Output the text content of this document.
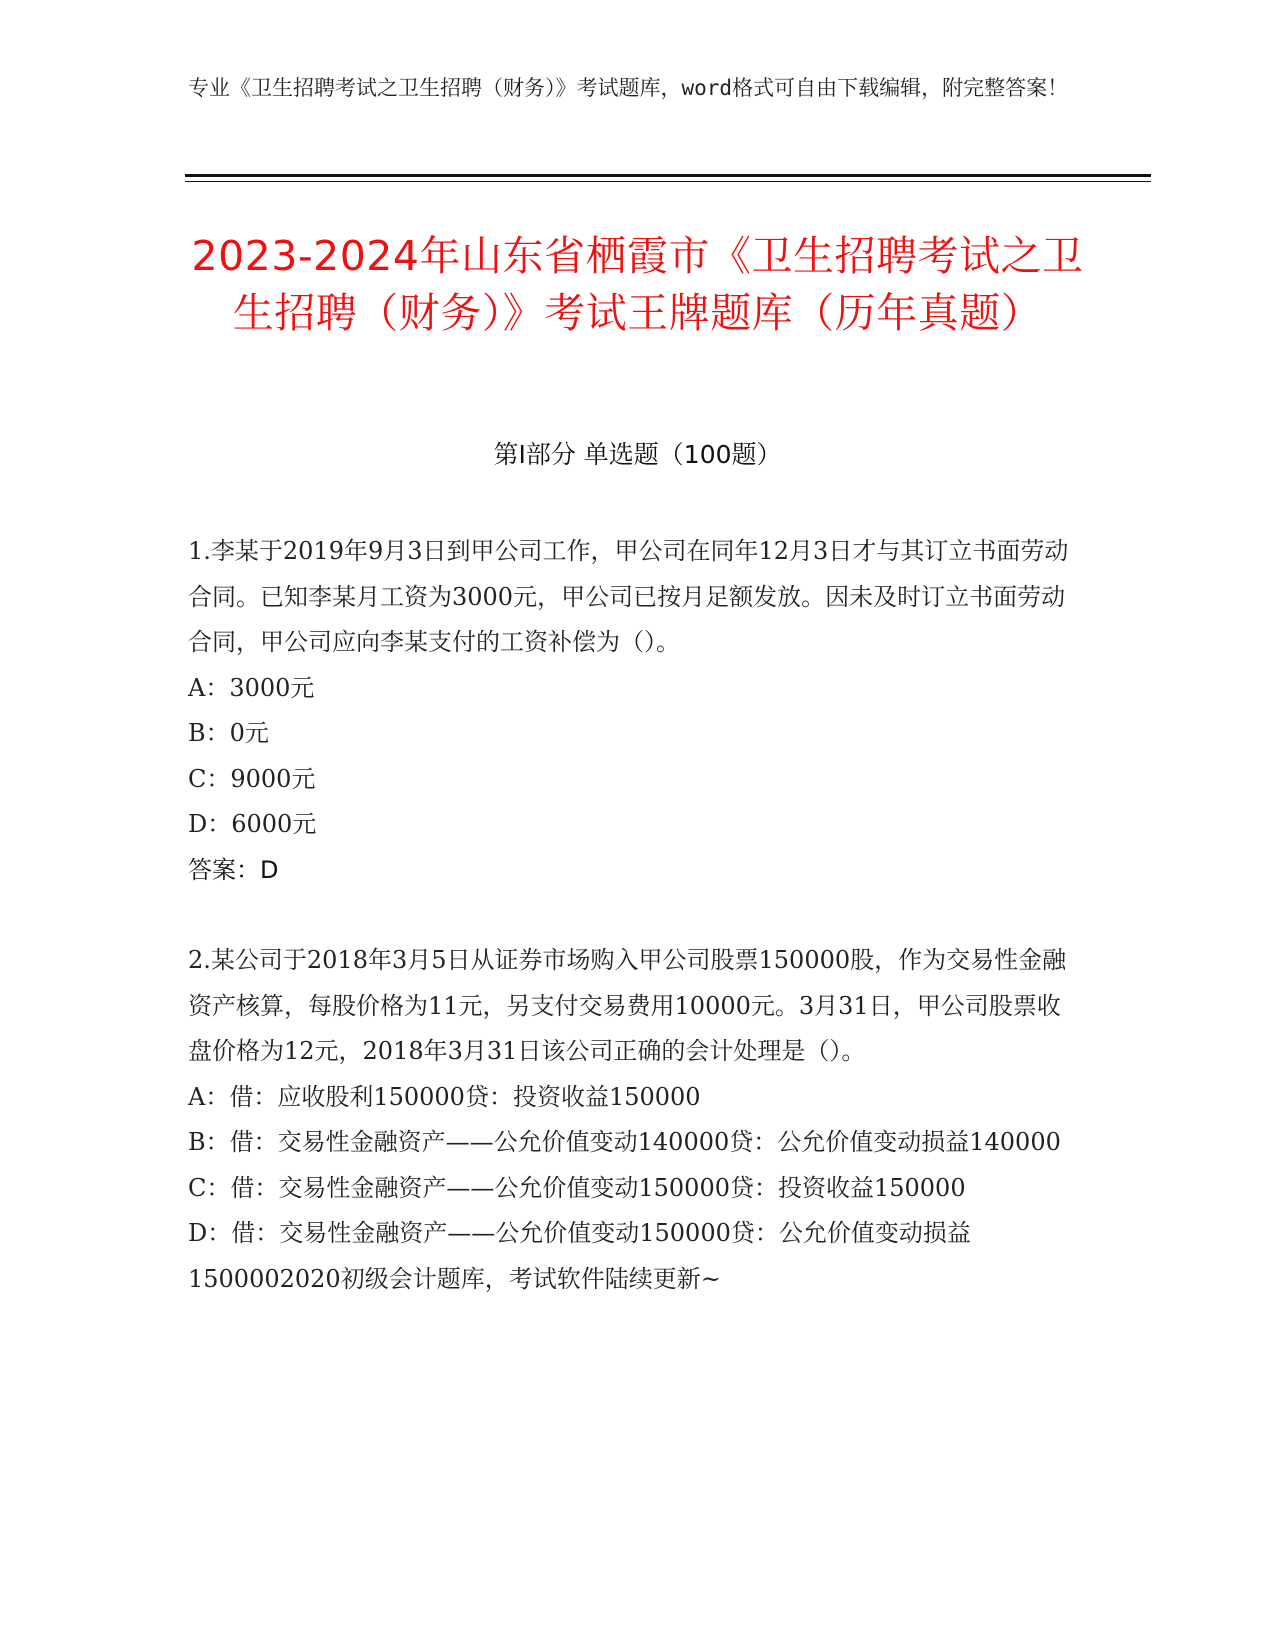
专业《卫生招聘考试之卫生招聘（财务）》考试题库，word格式可自由下载编辑，附完整答案！
2023-2024年山东省栖霞市《卫生招聘考试之卫生招聘（财务）》考试王牌题库（历年真题）
第I部分 单选题（100题）

1.李某于2019年9月3日到甲公司工作，甲公司在同年12月3日才与其订立书面劳动合同。已知李某月工资为3000元，甲公司已按月足额发放。因未及时订立书面劳动合同，甲公司应向李某支付的工资补偿为（）。

A：3000元

B：0元

C：9000元

D：6000元

答案：D

2.某公司于2018年3月5日从证券市场购入甲公司股票150000股，作为交易性金融资产核算，每股价格为11元，另支付交易费用10000元。3月31日，甲公司股票收盘价格为12元，2018年3月31日该公司正确的会计处理是（）。

A：借：应收股利150000贷：投资收益150000

B：借：交易性金融资产——公允价值变动140000贷：公允价值变动损益140000

C：借：交易性金融资产——公允价值变动150000贷：投资收益150000

D：借：交易性金融资产——公允价值变动150000贷：公允价值变动损益1500002020初级会计题库，考试软件陆续更新~
